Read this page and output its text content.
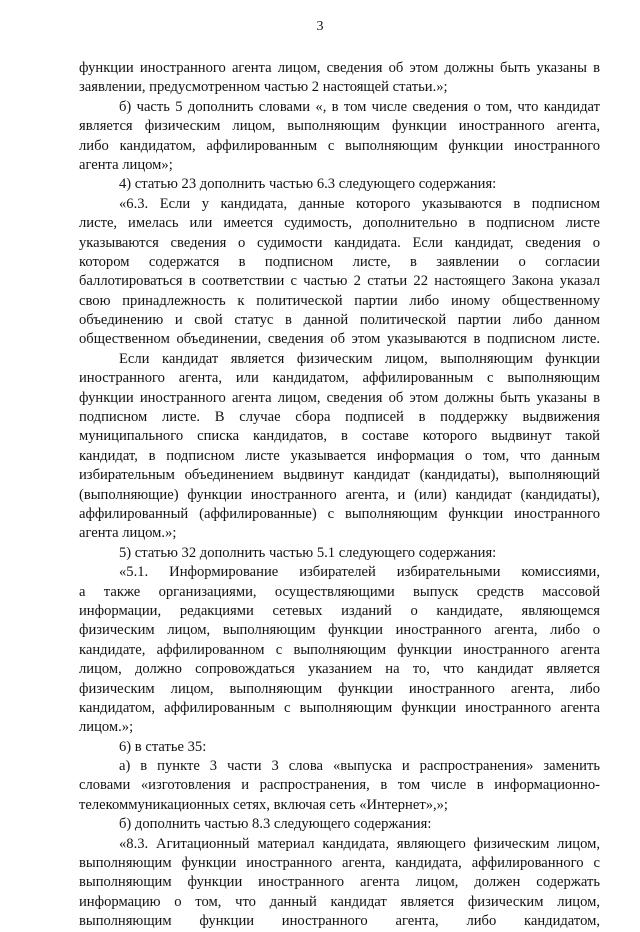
3
функции иностранного агента лицом, сведения об этом должны быть указаны в
заявлении, предусмотренном частью 2 настоящей статьи.»;
б) часть 5 дополнить словами «, в том числе сведения о том, что кандидат
является физическим лицом, выполняющим функции иностранного агента,
либо кандидатом, аффилированным с выполняющим функции иностранного
агента лицом»;
4) статью 23 дополнить частью 6.3 следующего содержания:
«6.3. Если у кандидата, данные которого указываются в подписном
листе, имелась или имеется судимость, дополнительно в подписном листе
указываются сведения о судимости кандидата. Если кандидат, сведения о
котором содержатся в подписном листе, в заявлении о согласии
баллотироваться в соответствии с частью 2 статьи 22 настоящего Закона указал
свою принадлежность к политической партии либо иному общественному
объединению и свой статус в данной политической партии либо данном
общественном объединении, сведения об этом указываются в подписном листе.
Если кандидат является физическим лицом, выполняющим функции
иностранного агента, или кандидатом, аффилированным с выполняющим
функции иностранного агента лицом, сведения об этом должны быть указаны в
подписном листе. В случае сбора подписей в поддержку выдвижения
муниципального списка кандидатов, в составе которого выдвинут такой
кандидат, в подписном листе указывается информация о том, что данным
избирательным объединением выдвинут кандидат (кандидаты), выполняющий
(выполняющие) функции иностранного агента, и (или) кандидат (кандидаты),
аффилированный (аффилированные) с выполняющим функции иностранного
агента лицом.»;
5) статью 32 дополнить частью 5.1 следующего содержания:
«5.1. Информирование избирателей избирательными комиссиями,
а также организациями, осуществляющими выпуск средств массовой
информации, редакциями сетевых изданий о кандидате, являющемся
физическим лицом, выполняющим функции иностранного агента, либо о
кандидате, аффилированном с выполняющим функции иностранного агента
лицом, должно сопровождаться указанием на то, что кандидат является
физическим лицом, выполняющим функции иностранного агента, либо
кандидатом, аффилированным с выполняющим функции иностранного агента
лицом.»;
6) в статье 35:
а) в пункте 3 части 3 слова «выпуска и распространения» заменить
словами «изготовления и распространения, в том числе в информационно-
телекоммуникационных сетях, включая сеть «Интернет»,»;
б) дополнить частью 8.3 следующего содержания:
«8.3. Агитационный материал кандидата, являющего физическим лицом,
выполняющим функции иностранного агента, кандидата, аффилированного с
выполняющим функции иностранного агента лицом, должен содержать
информацию о том, что данный кандидат является физическим лицом,
выполняющим функции иностранного агента, либо кандидатом,
